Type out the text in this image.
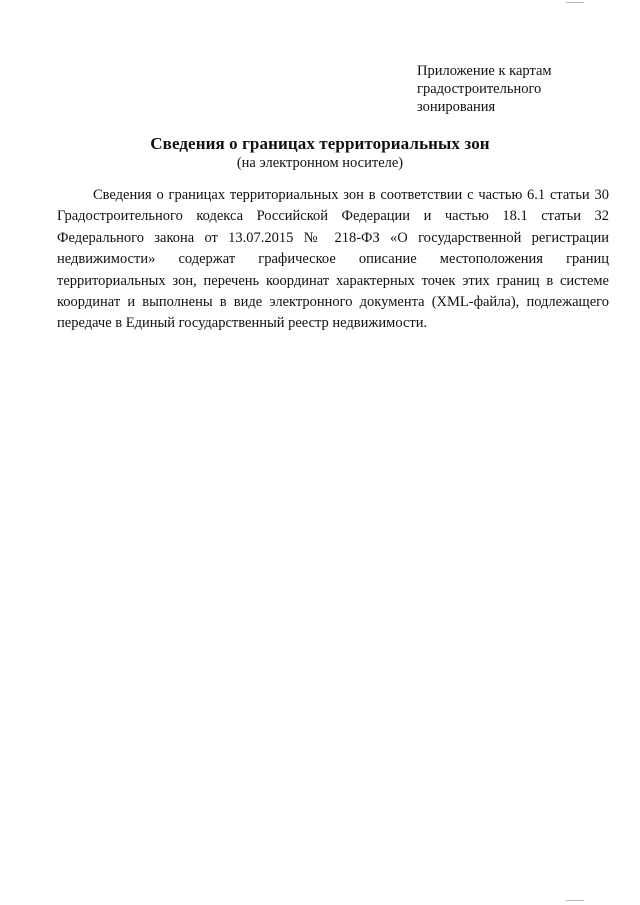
Приложение к картам
градостроительного
зонирования
Сведения о границах территориальных зон
(на электронном носителе)

Сведения о границах территориальных зон в соответствии с частью 6.1 статьи 30 Градостроительного кодекса Российской Федерации и частью 18.1 статьи 32 Федерального закона от 13.07.2015 № 218-ФЗ «О государственной регистрации недвижимости» содержат графическое описание местоположения границ территориальных зон, перечень координат характерных точек этих границ в системе координат и выполнены в виде электронного документа (XML-файла), подлежащего передаче в Единый государственный реестр недвижимости.
